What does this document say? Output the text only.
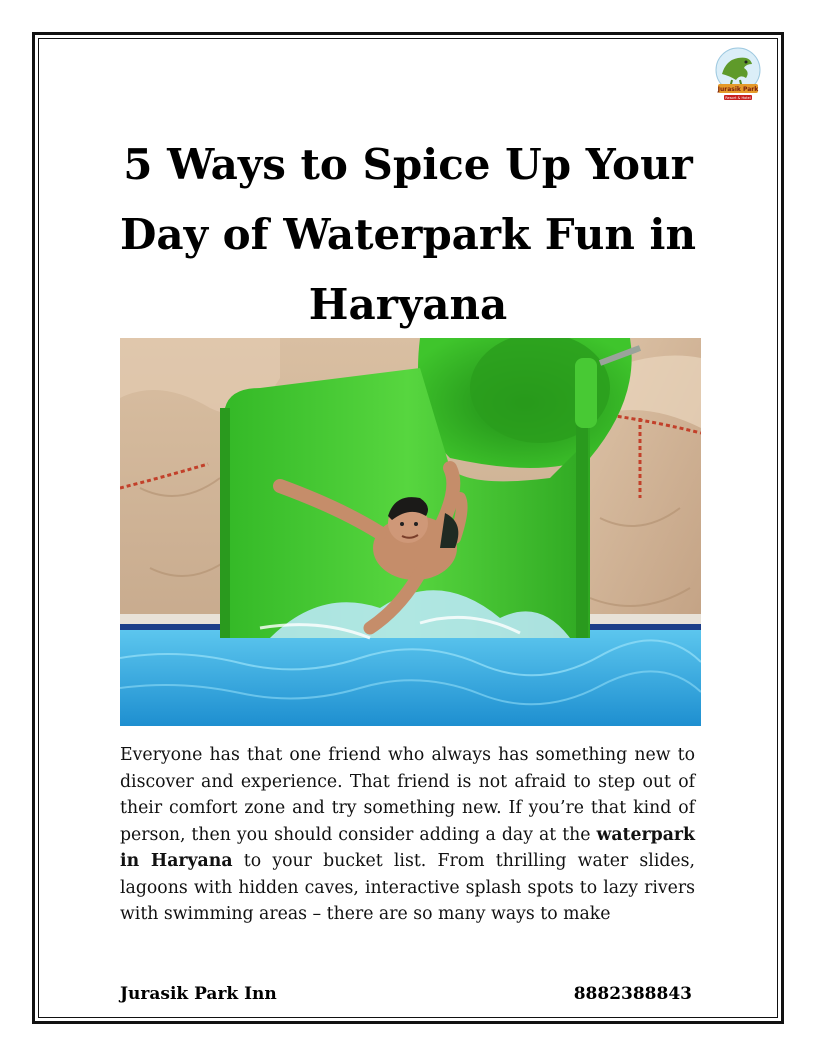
Jurasik Park
Resort & Hotel
5 Ways to Spice Up Your Day of Waterpark Fun in Haryana

Everyone has that one friend who always has something new to discover and experience. That friend is not afraid to step out of their comfort zone and try something new. If you’re that kind of person, then you should consider adding a day at the waterpark in Haryana to your bucket list. From thrilling water slides, lagoons with hidden caves, interactive splash spots to lazy rivers with swimming areas – there are so many ways to make

Jurasik Park Inn	8882388843
